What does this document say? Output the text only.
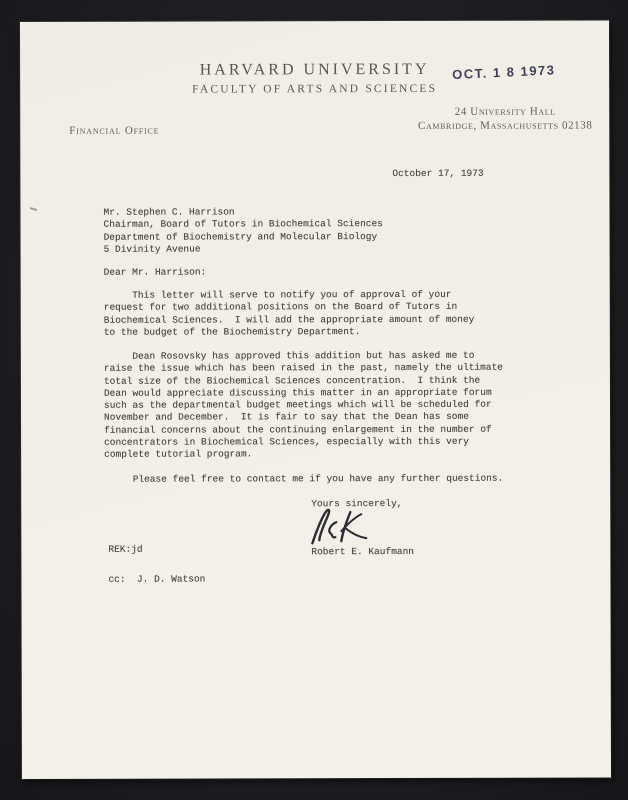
HARVARD UNIVERSITY
FACULTY OF ARTS AND SCIENCES
Financial Office
24 University Hall
Cambridge, Massachusetts 02138
OCT. 1 8 1973
October 17, 1973
Mr. Stephen C. Harrison
Chairman, Board of Tutors in Biochemical Sciences
Department of Biochemistry and Molecular Biology
5 Divinity Avenue
Dear Mr. Harrison:
This letter will serve to notify you of approval of your
request for two additional positions on the Board of Tutors in
Biochemical Sciences.  I will add the appropriate amount of money
to the budget of the Biochemistry Department.
Dean Rosovsky has approved this addition but has asked me to
raise the issue which has been raised in the past, namely the ultimate
total size of the Biochemical Sciences concentration.  I think the
Dean would appreciate discussing this matter in an appropriate forum
such as the departmental budget meetings which will be scheduled for
November and December.  It is fair to say that the Dean has some
financial concerns about the continuing enlargement in the number of
concentrators in Biochemical Sciences, especially with this very
complete tutorial program.
Please feel free to contact me if you have any further questions.
Yours sincerely,
Robert E. Kaufmann
REK:jd
cc:  J. D. Watson
